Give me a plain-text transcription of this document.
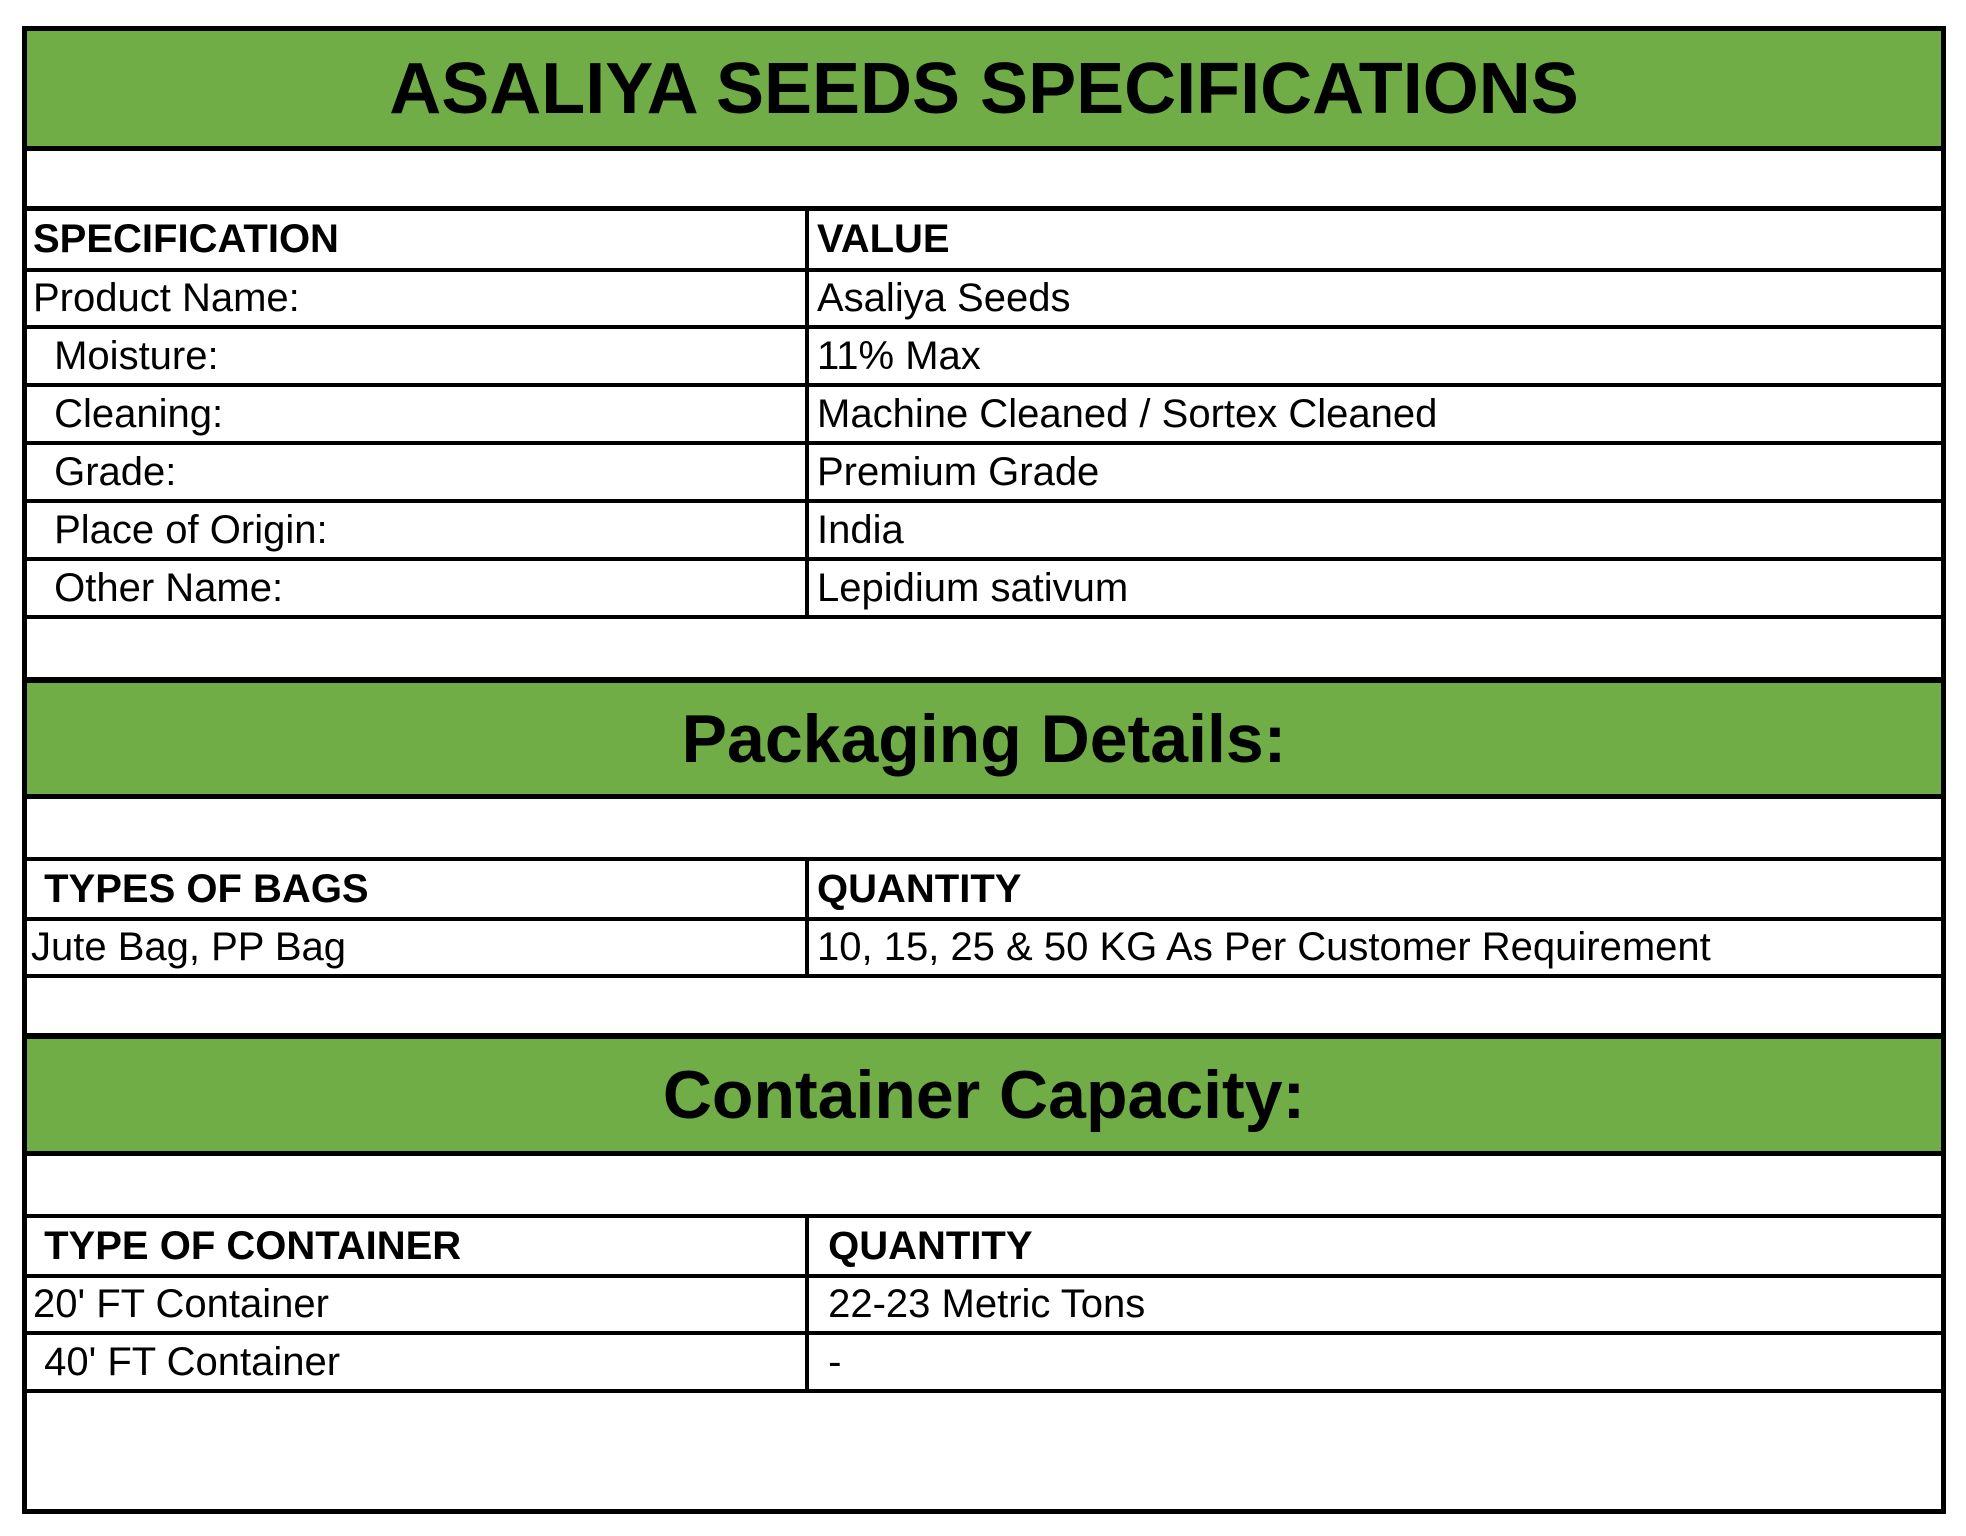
ASALIYA SEEDS SPECIFICATIONS
SPECIFICATION	VALUE
Product Name:	Asaliya Seeds
Moisture:	11% Max
Cleaning:	Machine Cleaned / Sortex Cleaned
Grade:	Premium Grade
Place of Origin:	India
Other Name:	Lepidium sativum
Packaging Details:
TYPES OF BAGS	QUANTITY
Jute Bag, PP Bag	10, 15, 25 & 50 KG As Per Customer Requirement
Container Capacity:
TYPE OF CONTAINER	QUANTITY
20' FT Container	22-23 Metric Tons
40' FT Container	-
